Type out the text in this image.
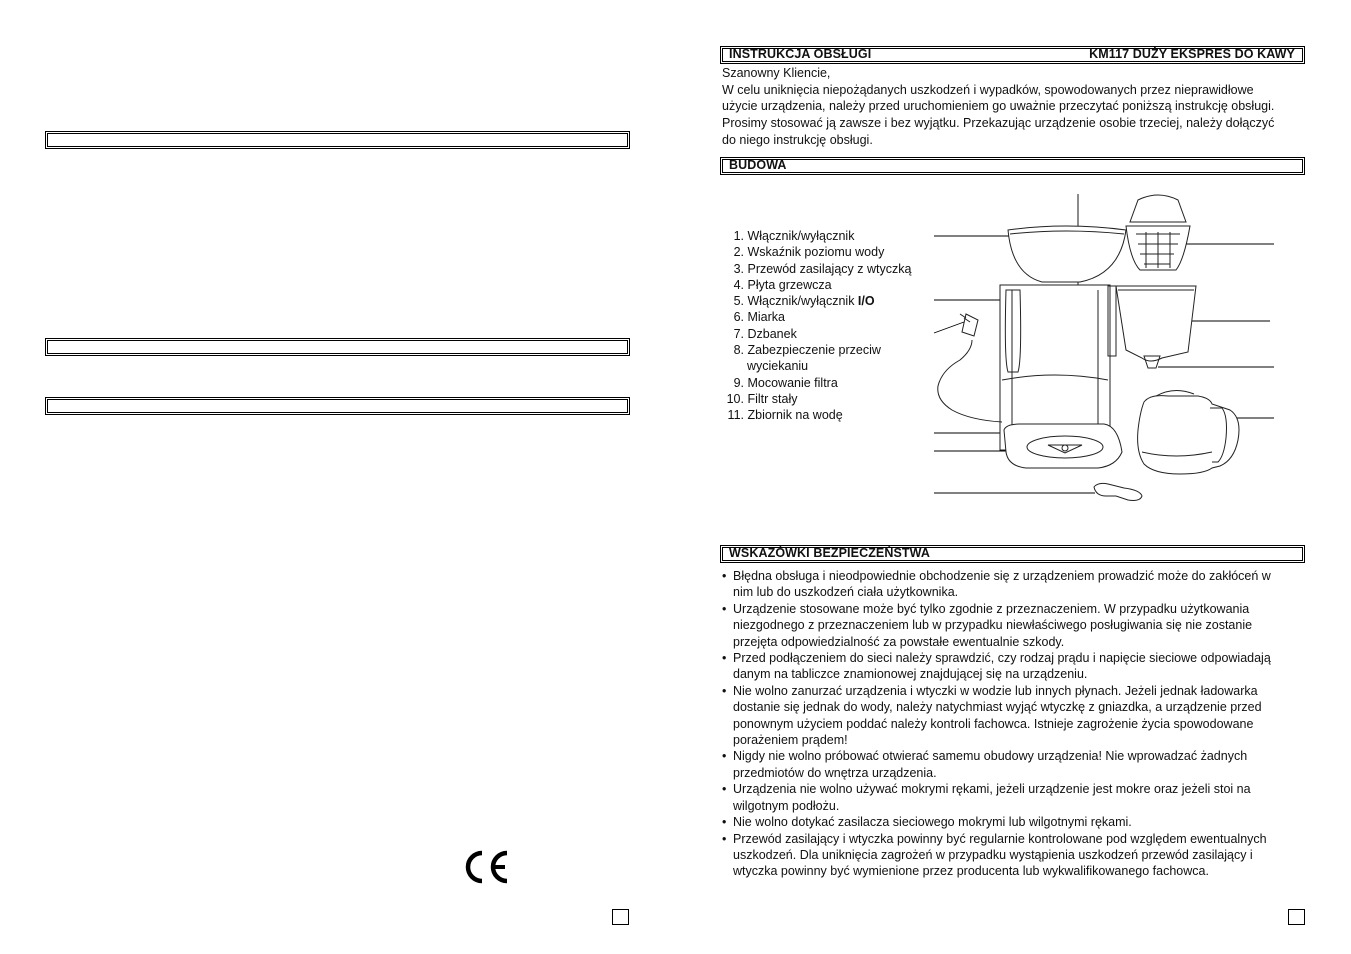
INSTRUKCJA OBSŁUGI	KM117 DUŻY EKSPRES DO KAWY
Szanowny Kliencie,
W celu uniknięcia niepożądanych uszkodzeń i wypadków, spowodowanych przez nieprawidłowe
użycie urządzenia, należy przed uruchomieniem go uważnie przeczytać poniższą instrukcję obsługi.
Prosimy stosować ją zawsze i bez wyjątku. Przekazując urządzenie osobie trzeciej, należy dołączyć
do niego instrukcję obsługi.
BUDOWA
1. Włącznik/wyłącznik
2. Wskaźnik poziomu wody
3. Przewód zasilający z wtyczką
4. Płyta grzewcza
5. Włącznik/wyłącznik I/O
6. Miarka
7. Dzbanek
8. Zabezpieczenie przeciw
wyciekaniu
9. Mocowanie filtra
10. Filtr stały
11. Zbiornik na wodę
WSKAZÓWKI BEZPIECZEŃSTWA
• Błędna obsługa i nieodpowiednie obchodzenie się z urządzeniem prowadzić może do zakłóceń w
nim lub do uszkodzeń ciała użytkownika.
• Urządzenie stosowane może być tylko zgodnie z przeznaczeniem. W przypadku użytkowania
niezgodnego z przeznaczeniem lub w przypadku niewłaściwego posługiwania się nie zostanie
przejęta odpowiedzialność za powstałe ewentualnie szkody.
• Przed podłączeniem do sieci należy sprawdzić, czy rodzaj prądu i napięcie sieciowe odpowiadają
danym na tabliczce znamionowej znajdującej się na urządzeniu.
• Nie wolno zanurzać urządzenia i wtyczki w wodzie lub innych płynach. Jeżeli jednak ładowarka
dostanie się jednak do wody, należy natychmiast wyjąć wtyczkę z gniazdka, a urządzenie przed
ponownym użyciem poddać należy kontroli fachowca. Istnieje zagrożenie życia spowodowane
porażeniem prądem!
• Nigdy nie wolno próbować otwierać samemu obudowy urządzenia! Nie wprowadzać żadnych
przedmiotów do wnętrza urządzenia.
• Urządzenia nie wolno używać mokrymi rękami, jeżeli urządzenie jest mokre oraz jeżeli stoi na
wilgotnym podłożu.
• Nie wolno dotykać zasilacza sieciowego mokrymi lub wilgotnymi rękami.
• Przewód zasilający i wtyczka powinny być regularnie kontrolowane pod względem ewentualnych
uszkodzeń. Dla uniknięcia zagrożeń w przypadku wystąpienia uszkodzeń przewód zasilający i
wtyczka powinny być wymienione przez producenta lub wykwalifikowanego fachowca.
